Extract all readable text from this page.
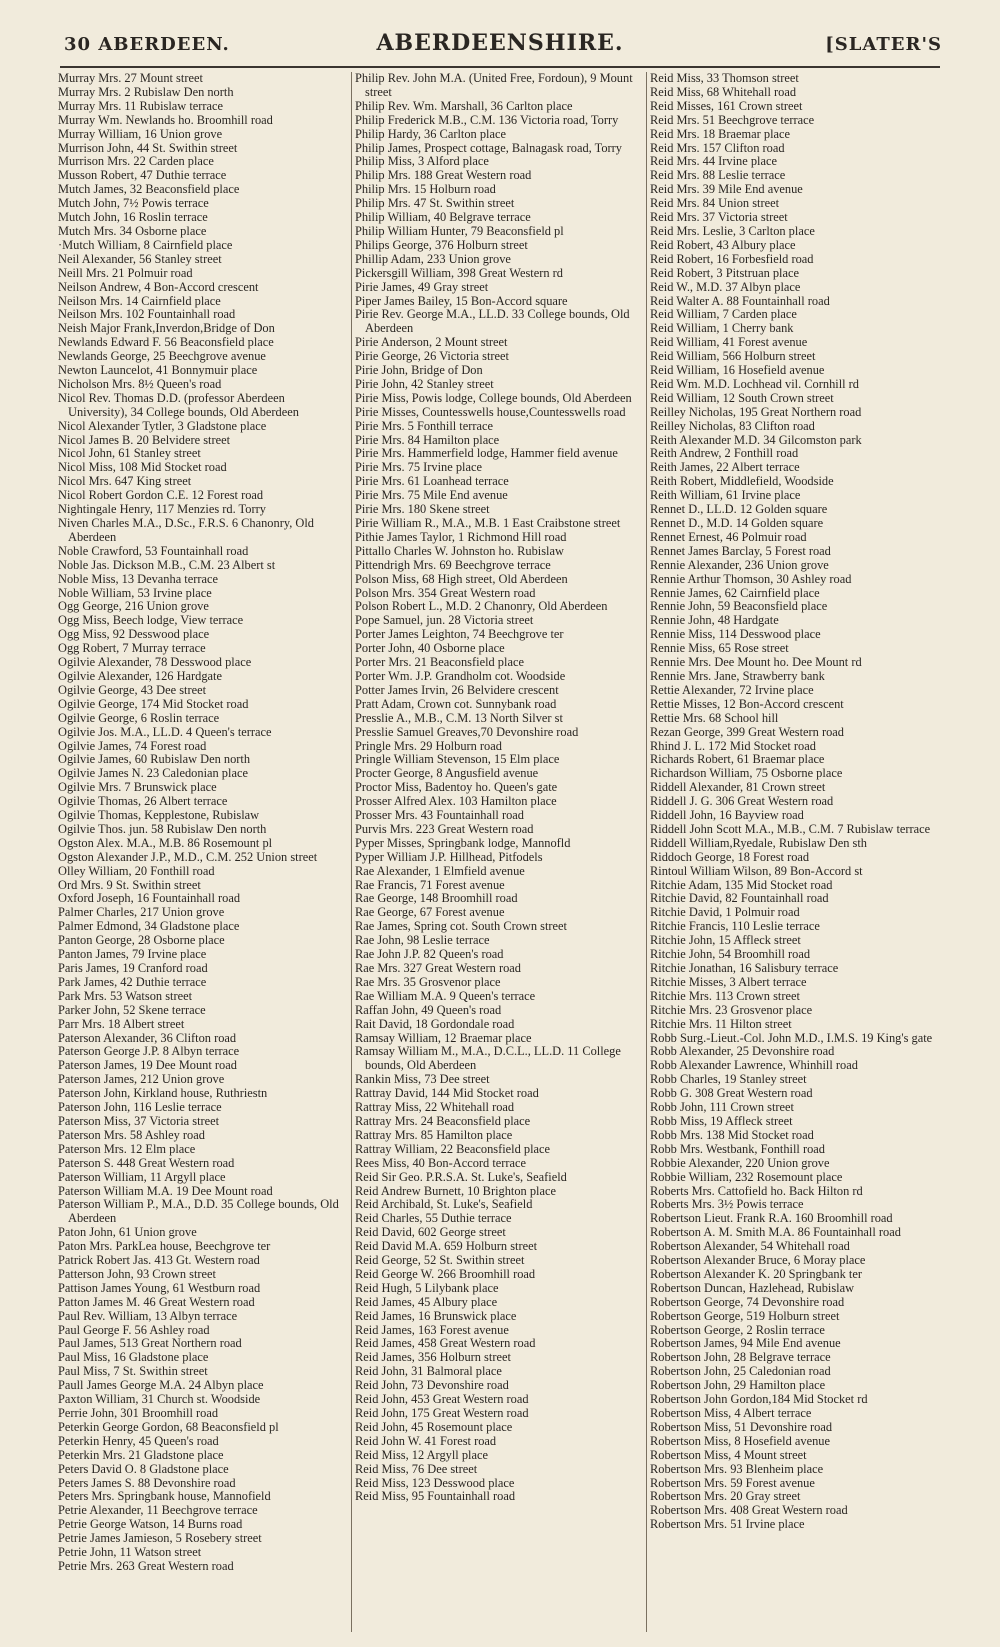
30 ABERDEEN.	ABERDEENSHIRE.	[SLATER'S

Murray Mrs. 27 Mount street

Murray Mrs. 2 Rubislaw Den north

Murray Mrs. 11 Rubislaw terrace

Murray Wm. Newlands ho. Broomhill road

Murray William, 16 Union grove

Murrison John, 44 St. Swithin street

Murrison Mrs. 22 Carden place

Musson Robert, 47 Duthie terrace

Mutch James, 32 Beaconsfield place

Mutch John, 7½ Powis terrace

Mutch John, 16 Roslin terrace

Mutch Mrs. 34 Osborne place

·Mutch William, 8 Cairnfield place

Neil Alexander, 56 Stanley street

Neill Mrs. 21 Polmuir road

Neilson Andrew, 4 Bon-Accord crescent

Neilson Mrs. 14 Cairnfield place

Neilson Mrs. 102 Fountainhall road

Neish Major Frank,Inverdon,Bridge of Don

Newlands Edward F. 56 Beaconsfield place

Newlands George, 25 Beechgrove avenue

Newton Launcelot, 41 Bonnymuir place

Nicholson Mrs. 8½ Queen's road

Nicol Rev. Thomas D.D. (professor Aberdeen University), 34 College bounds, Old Aberdeen

Nicol Alexander Tytler, 3 Gladstone place

Nicol James B. 20 Belvidere street

Nicol John, 61 Stanley street

Nicol Miss, 108 Mid Stocket road

Nicol Mrs. 647 King street

Nicol Robert Gordon C.E. 12 Forest road

Nightingale Henry, 117 Menzies rd. Torry

Niven Charles M.A., D.Sc., F.R.S. 6 Chanonry, Old Aberdeen

Noble Crawford, 53 Fountainhall road

Noble Jas. Dickson M.B., C.M. 23 Albert st

Noble Miss, 13 Devanha terrace

Noble William, 53 Irvine place

Ogg George, 216 Union grove

Ogg Miss, Beech lodge, View terrace

Ogg Miss, 92 Desswood place

Ogg Robert, 7 Murray terrace

Ogilvie Alexander, 78 Desswood place

Ogilvie Alexander, 126 Hardgate

Ogilvie George, 43 Dee street

Ogilvie George, 174 Mid Stocket road

Ogilvie George, 6 Roslin terrace

Ogilvie Jos. M.A., LL.D. 4 Queen's terrace

Ogilvie James, 74 Forest road

Ogilvie James, 60 Rubislaw Den north

Ogilvie James N. 23 Caledonian place

Ogilvie Mrs. 7 Brunswick place

Ogilvie Thomas, 26 Albert terrace

Ogilvie Thomas, Kepplestone, Rubislaw

Ogilvie Thos. jun. 58 Rubislaw Den north

Ogston Alex. M.A., M.B. 86 Rosemount pl

Ogston Alexander J.P., M.D., C.M. 252 Union street

Olley William, 20 Fonthill road

Ord Mrs. 9 St. Swithin street

Oxford Joseph, 16 Fountainhall road

Palmer Charles, 217 Union grove

Palmer Edmond, 34 Gladstone place

Panton George, 28 Osborne place

Panton James, 79 Irvine place

Paris James, 19 Cranford road

Park James, 42 Duthie terrace

Park Mrs. 53 Watson street

Parker John, 52 Skene terrace

Parr Mrs. 18 Albert street

Paterson Alexander, 36 Clifton road

Paterson George J.P. 8 Albyn terrace

Paterson James, 19 Dee Mount road

Paterson James, 212 Union grove

Paterson John, Kirkland house, Ruthriestn

Paterson John, 116 Leslie terrace

Paterson Miss, 37 Victoria street

Paterson Mrs. 58 Ashley road

Paterson Mrs. 12 Elm place

Paterson S. 448 Great Western road

Paterson William, 11 Argyll place

Paterson William M.A. 19 Dee Mount road

Paterson William P., M.A., D.D. 35 College bounds, Old Aberdeen

Paton John, 61 Union grove

Paton Mrs. ParkLea house, Beechgrove ter

Patrick Robert Jas. 413 Gt. Western road

Patterson John, 93 Crown street

Pattison James Young, 61 Westburn road

Patton James M. 46 Great Western road

Paul Rev. William, 13 Albyn terrace

Paul George F. 56 Ashley road

Paul James, 513 Great Northern road

Paul Miss, 16 Gladstone place

Paul Miss, 7 St. Swithin street

Paull James George M.A. 24 Albyn place

Paxton William, 31 Church st. Woodside

Perrie John, 301 Broomhill road

Peterkin George Gordon, 68 Beaconsfield pl

Peterkin Henry, 45 Queen's road

Peterkin Mrs. 21 Gladstone place

Peters David O. 8 Gladstone place

Peters James S. 88 Devonshire road

Peters Mrs. Springbank house, Mannofield

Petrie Alexander, 11 Beechgrove terrace

Petrie George Watson, 14 Burns road

Petrie James Jamieson, 5 Rosebery street

Petrie John, 11 Watson street

Petrie Mrs. 263 Great Western road

Philip Rev. John M.A. (United Free, Fordoun), 9 Mount street

Philip Rev. Wm. Marshall, 36 Carlton place

Philip Frederick M.B., C.M. 136 Victoria road, Torry

Philip Hardy, 36 Carlton place

Philip James, Prospect cottage, Balnagask road, Torry

Philip Miss, 3 Alford place

Philip Mrs. 188 Great Western road

Philip Mrs. 15 Holburn road

Philip Mrs. 47 St. Swithin street

Philip William, 40 Belgrave terrace

Philip William Hunter, 79 Beaconsfield pl

Philips George, 376 Holburn street

Phillip Adam, 233 Union grove

Pickersgill William, 398 Great Western rd

Pirie James, 49 Gray street

Piper James Bailey, 15 Bon-Accord square

Pirie Rev. George M.A., LL.D. 33 College bounds, Old Aberdeen

Pirie Anderson, 2 Mount street

Pirie George, 26 Victoria street

Pirie John, Bridge of Don

Pirie John, 42 Stanley street

Pirie Miss, Powis lodge, College bounds, Old Aberdeen

Pirie Misses, Countesswells house,Countesswells road

Pirie Mrs. 5 Fonthill terrace

Pirie Mrs. 84 Hamilton place

Pirie Mrs. Hammerfield lodge, Hammer field avenue

Pirie Mrs. 75 Irvine place

Pirie Mrs. 61 Loanhead terrace

Pirie Mrs. 75 Mile End avenue

Pirie Mrs. 180 Skene street

Pirie William R., M.A., M.B. 1 East Craibstone street

Pithie James Taylor, 1 Richmond Hill road

Pittallo Charles W. Johnston ho. Rubislaw

Pittendrigh Mrs. 69 Beechgrove terrace

Polson Miss, 68 High street, Old Aberdeen

Polson Mrs. 354 Great Western road

Polson Robert L., M.D. 2 Chanonry, Old Aberdeen

Pope Samuel, jun. 28 Victoria street

Porter James Leighton, 74 Beechgrove ter

Porter John, 40 Osborne place

Porter Mrs. 21 Beaconsfield place

Porter Wm. J.P. Grandholm cot. Woodside

Potter James Irvin, 26 Belvidere crescent

Pratt Adam, Crown cot. Sunnybank road

Presslie A., M.B., C.M. 13 North Silver st

Presslie Samuel Greaves,70 Devonshire road

Pringle Mrs. 29 Holburn road

Pringle William Stevenson, 15 Elm place

Procter George, 8 Angusfield avenue

Proctor Miss, Badentoy ho. Queen's gate

Prosser Alfred Alex. 103 Hamilton place

Prosser Mrs. 43 Fountainhall road

Purvis Mrs. 223 Great Western road

Pyper Misses, Springbank lodge, Mannofld

Pyper William J.P. Hillhead, Pitfodels

Rae Alexander, 1 Elmfield avenue

Rae Francis, 71 Forest avenue

Rae George, 148 Broomhill road

Rae George, 67 Forest avenue

Rae James, Spring cot. South Crown street

Rae John, 98 Leslie terrace

Rae John J.P. 82 Queen's road

Rae Mrs. 327 Great Western road

Rae Mrs. 35 Grosvenor place

Rae William M.A. 9 Queen's terrace

Raffan John, 49 Queen's road

Rait David, 18 Gordondale road

Ramsay William, 12 Braemar place

Ramsay William M., M.A., D.C.L., LL.D. 11 College bounds, Old Aberdeen

Rankin Miss, 73 Dee street

Rattray David, 144 Mid Stocket road

Rattray Miss, 22 Whitehall road

Rattray Mrs. 24 Beaconsfield place

Rattray Mrs. 85 Hamilton place

Rattray William, 22 Beaconsfield place

Rees Miss, 40 Bon-Accord terrace

Reid Sir Geo. P.R.S.A. St. Luke's, Seafield

Reid Andrew Burnett, 10 Brighton place

Reid Archibald, St. Luke's, Seafield

Reid Charles, 55 Duthie terrace

Reid David, 602 George street

Reid David M.A. 659 Holburn street

Reid George, 52 St. Swithin street

Reid George W. 266 Broomhill road

Reid Hugh, 5 Lilybank place

Reid James, 45 Albury place

Reid James, 16 Brunswick place

Reid James, 163 Forest avenue

Reid James, 458 Great Western road

Reid James, 356 Holburn street

Reid John, 31 Balmoral place

Reid John, 73 Devonshire road

Reid John, 453 Great Western road

Reid John, 175 Great Western road

Reid John, 45 Rosemount place

Reid John W. 41 Forest road

Reid Miss, 12 Argyll place

Reid Miss, 76 Dee street

Reid Miss, 123 Desswood place

Reid Miss, 95 Fountainhall road

Reid Miss, 33 Thomson street

Reid Miss, 68 Whitehall road

Reid Misses, 161 Crown street

Reid Mrs. 51 Beechgrove terrace

Reid Mrs. 18 Braemar place

Reid Mrs. 157 Clifton road

Reid Mrs. 44 Irvine place

Reid Mrs. 88 Leslie terrace

Reid Mrs. 39 Mile End avenue

Reid Mrs. 84 Union street

Reid Mrs. 37 Victoria street

Reid Mrs. Leslie, 3 Carlton place

Reid Robert, 43 Albury place

Reid Robert, 16 Forbesfield road

Reid Robert, 3 Pitstruan place

Reid W., M.D. 37 Albyn place

Reid Walter A. 88 Fountainhall road

Reid William, 7 Carden place

Reid William, 1 Cherry bank

Reid William, 41 Forest avenue

Reid William, 566 Holburn street

Reid William, 16 Hosefield avenue

Reid Wm. M.D. Lochhead vil. Cornhill rd

Reid William, 12 South Crown street

Reilley Nicholas, 195 Great Northern road

Reilley Nicholas, 83 Clifton road

Reith Alexander M.D. 34 Gilcomston park

Reith Andrew, 2 Fonthill road

Reith James, 22 Albert terrace

Reith Robert, Middlefield, Woodside

Reith William, 61 Irvine place

Rennet D., LL.D. 12 Golden square

Rennet D., M.D. 14 Golden square

Rennet Ernest, 46 Polmuir road

Rennet James Barclay, 5 Forest road

Rennie Alexander, 236 Union grove

Rennie Arthur Thomson, 30 Ashley road

Rennie James, 62 Cairnfield place

Rennie John, 59 Beaconsfield place

Rennie John, 48 Hardgate

Rennie Miss, 114 Desswood place

Rennie Miss, 65 Rose street

Rennie Mrs. Dee Mount ho. Dee Mount rd

Rennie Mrs. Jane, Strawberry bank

Rettie Alexander, 72 Irvine place

Rettie Misses, 12 Bon-Accord crescent

Rettie Mrs. 68 School hill

Rezan George, 399 Great Western road

Rhind J. L. 172 Mid Stocket road

Richards Robert, 61 Braemar place

Richardson William, 75 Osborne place

Riddell Alexander, 81 Crown street

Riddell J. G. 306 Great Western road

Riddell John, 16 Bayview road

Riddell John Scott M.A., M.B., C.M. 7 Rubislaw terrace

Riddell William,Ryedale, Rubislaw Den sth

Riddoch George, 18 Forest road

Rintoul William Wilson, 89 Bon-Accord st

Ritchie Adam, 135 Mid Stocket road

Ritchie David, 82 Fountainhall road

Ritchie David, 1 Polmuir road

Ritchie Francis, 110 Leslie terrace

Ritchie John, 15 Affleck street

Ritchie John, 54 Broomhill road

Ritchie Jonathan, 16 Salisbury terrace

Ritchie Misses, 3 Albert terrace

Ritchie Mrs. 113 Crown street

Ritchie Mrs. 23 Grosvenor place

Ritchie Mrs. 11 Hilton street

Robb Surg.-Lieut.-Col. John M.D., I.M.S. 19 King's gate

Robb Alexander, 25 Devonshire road

Robb Alexander Lawrence, Whinhill road

Robb Charles, 19 Stanley street

Robb G. 308 Great Western road

Robb John, 111 Crown street

Robb Miss, 19 Affleck street

Robb Mrs. 138 Mid Stocket road

Robb Mrs. Westbank, Fonthill road

Robbie Alexander, 220 Union grove

Robbie William, 232 Rosemount place

Roberts Mrs. Cattofield ho. Back Hilton rd

Roberts Mrs. 3½ Powis terrace

Robertson Lieut. Frank R.A. 160 Broomhill road

Robertson A. M. Smith M.A. 86 Fountainhall road

Robertson Alexander, 54 Whitehall road

Robertson Alexander Bruce, 6 Moray place

Robertson Alexander K. 20 Springbank ter

Robertson Duncan, Hazlehead, Rubislaw

Robertson George, 74 Devonshire road

Robertson George, 519 Holburn street

Robertson George, 2 Roslin terrace

Robertson James, 94 Mile End avenue

Robertson John, 28 Belgrave terrace

Robertson John, 25 Caledonian road

Robertson John, 29 Hamilton place

Robertson John Gordon,184 Mid Stocket rd

Robertson Miss, 4 Albert terrace

Robertson Miss, 51 Devonshire road

Robertson Miss, 8 Hosefield avenue

Robertson Miss, 4 Mount street

Robertson Mrs. 93 Blenheim place

Robertson Mrs. 59 Forest avenue

Robertson Mrs. 20 Gray street

Robertson Mrs. 408 Great Western road

Robertson Mrs. 51 Irvine place
